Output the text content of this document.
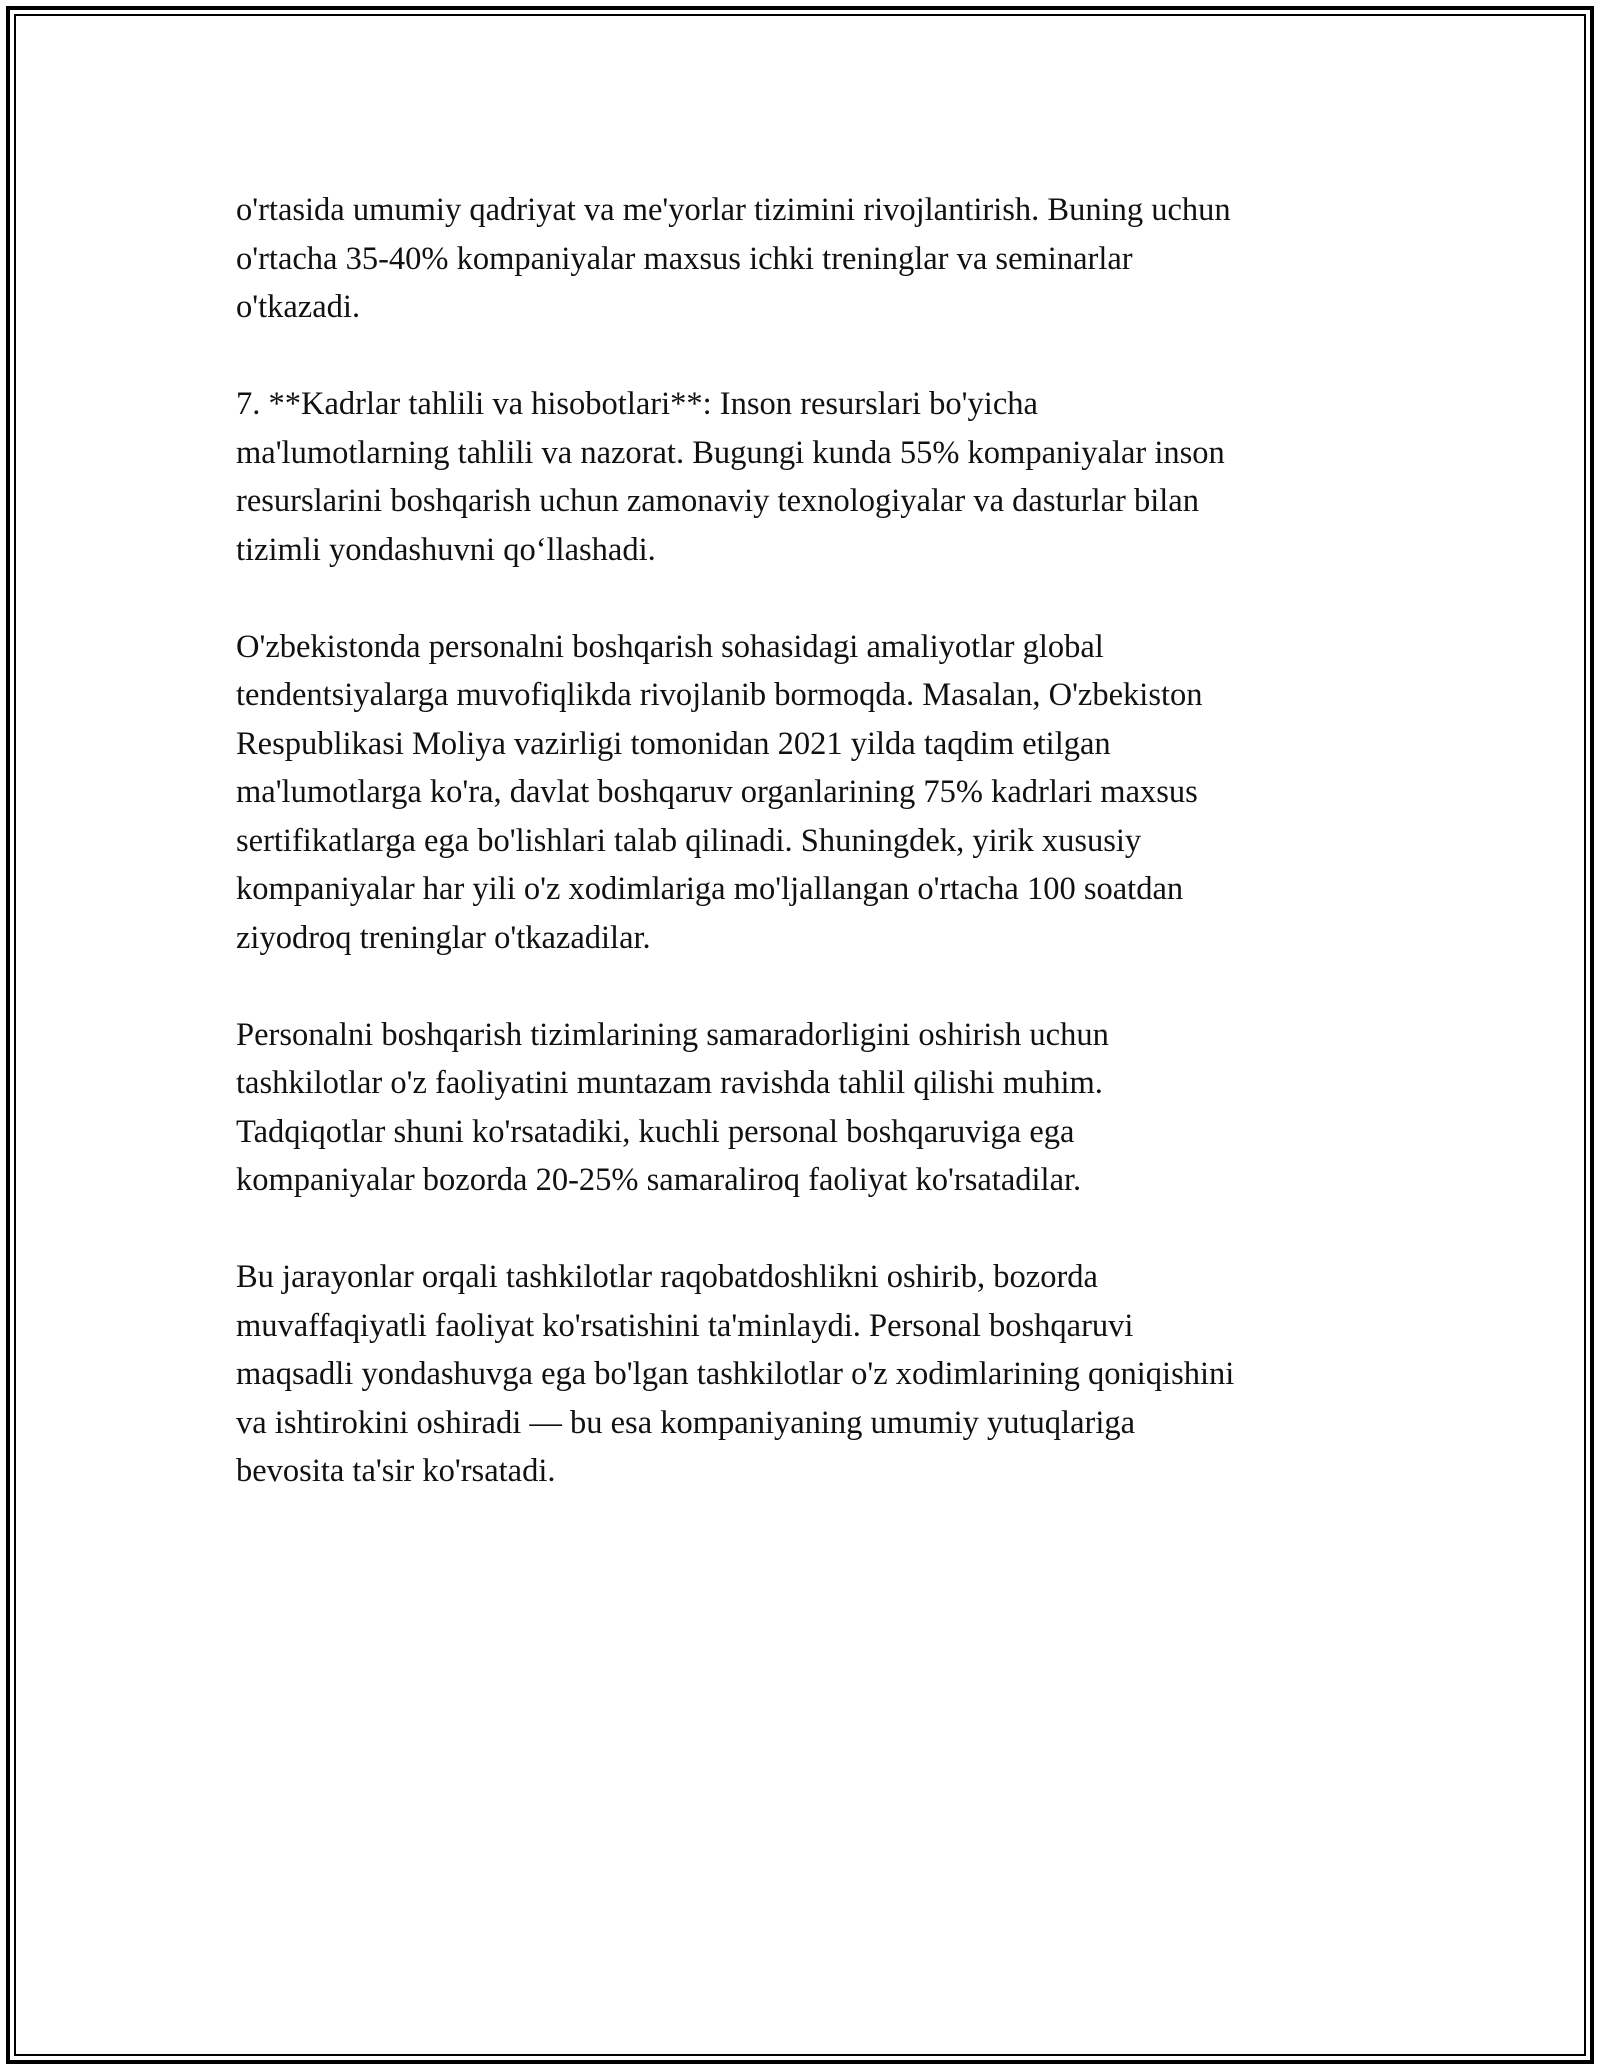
o'rtasida umumiy qadriyat va me'yorlar tizimini rivojlantirish. Buning uchun
o'rtacha 35-40% kompaniyalar maxsus ichki treninglar va seminarlar
o'tkazadi.

7. **Kadrlar tahlili va hisobotlari**: Inson resurslari bo'yicha
ma'lumotlarning tahlili va nazorat. Bugungi kunda 55% kompaniyalar inson
resurslarini boshqarish uchun zamonaviy texnologiyalar va dasturlar bilan
tizimli yondashuvni qo‘llashadi.

O'zbekistonda personalni boshqarish sohasidagi amaliyotlar global
tendentsiyalarga muvofiqlikda rivojlanib bormoqda. Masalan, O'zbekiston
Respublikasi Moliya vazirligi tomonidan 2021 yilda taqdim etilgan
ma'lumotlarga ko'ra, davlat boshqaruv organlarining 75% kadrlari maxsus
sertifikatlarga ega bo'lishlari talab qilinadi. Shuningdek, yirik xususiy
kompaniyalar har yili o'z xodimlariga mo'ljallangan o'rtacha 100 soatdan
ziyodroq treninglar o'tkazadilar.

Personalni boshqarish tizimlarining samaradorligini oshirish uchun
tashkilotlar o'z faoliyatini muntazam ravishda tahlil qilishi muhim.
Tadqiqotlar shuni ko'rsatadiki, kuchli personal boshqaruviga ega
kompaniyalar bozorda 20-25% samaraliroq faoliyat ko'rsatadilar.

Bu jarayonlar orqali tashkilotlar raqobatdoshlikni oshirib, bozorda
muvaffaqiyatli faoliyat ko'rsatishini ta'minlaydi. Personal boshqaruvi
maqsadli yondashuvga ega bo'lgan tashkilotlar o'z xodimlarining qoniqishini
va ishtirokini oshiradi — bu esa kompaniyaning umumiy yutuqlariga
bevosita ta'sir ko'rsatadi.
